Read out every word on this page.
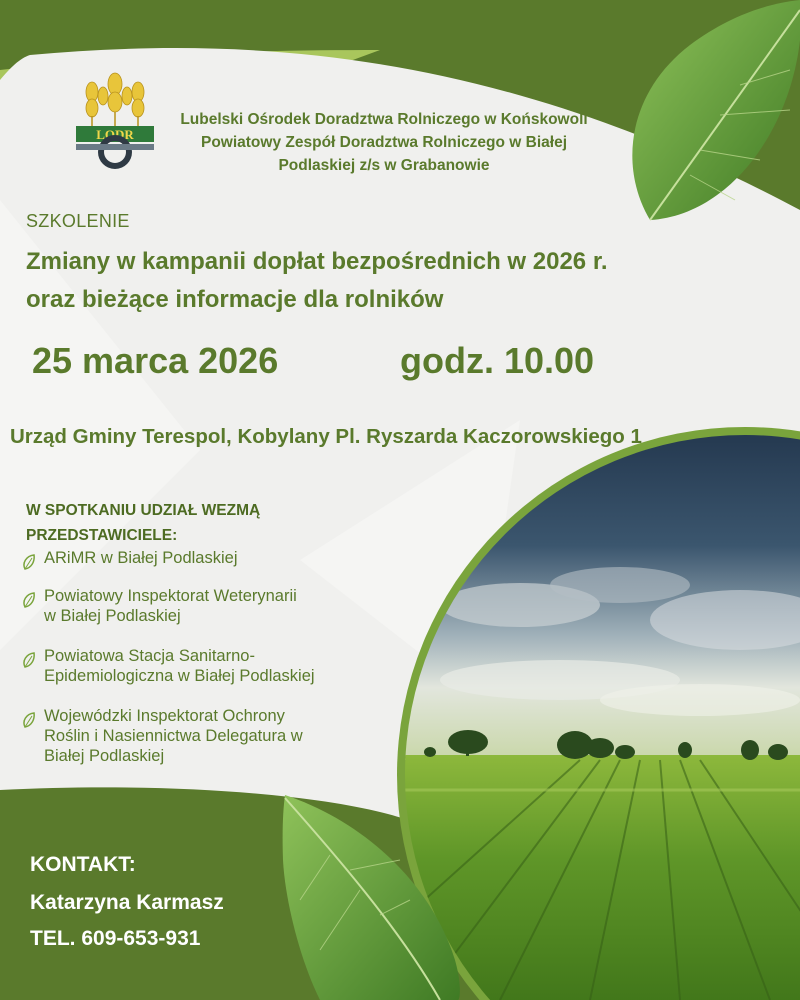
LODR
Lubelski Ośrodek Doradztwa Rolniczego w Końskowoli
Powiatowy Zespół Doradztwa Rolniczego w Białej
Podlaskiej z/s w Grabanowie
SZKOLENIE
Zmiany w kampanii dopłat bezpośrednich w 2026 r.
oraz bieżące informacje dla rolników
25 marca 2026	godz. 10.00
Urząd Gminy Terespol, Kobylany Pl. Ryszarda Kaczorowskiego 1
W SPOTKANIU UDZIAŁ WEZMĄ
PRZEDSTAWICIELE:
ARiMR w Białej Podlaskiej
Powiatowy Inspektorat Weterynarii
w Białej Podlaskiej
Powiatowa Stacja Sanitarno-
Epidemiologiczna w Białej Podlaskiej
Wojewódzki Inspektorat Ochrony
Roślin i Nasiennictwa Delegatura w
Białej Podlaskiej
KONTAKT:
Katarzyna Karmasz
TEL. 609-653-931
